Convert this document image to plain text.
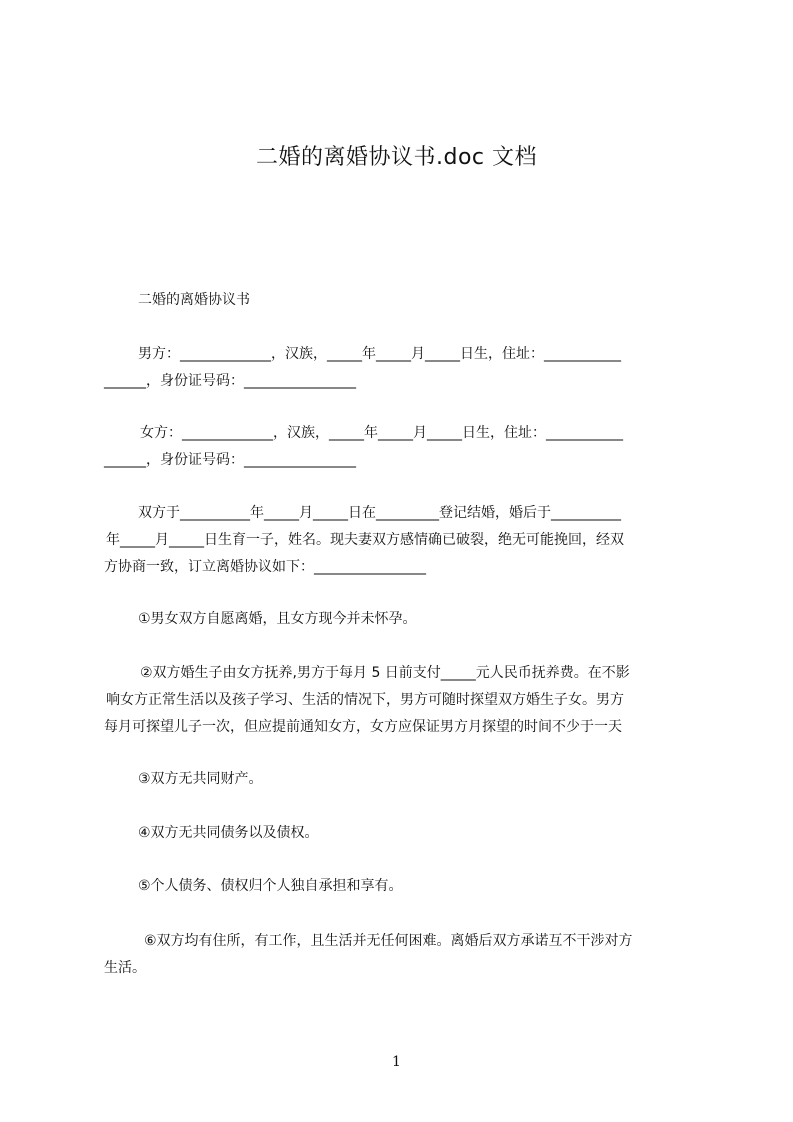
二婚的离婚协议书.doc 文档
二婚的离婚协议书
男方：_____________，汉族，_____年_____月_____日生，住址：___________
______，身份证号码：________________
女方：_____________，汉族，_____年_____月_____日生，住址：___________
______，身份证号码：________________
双方于__________年_____月_____日在_________登记结婚，婚后于__________
年_____月_____日生育一子，姓名。现夫妻双方感情确已破裂，绝无可能挽回，经双
方协商一致，订立离婚协议如下：________________
①男女双方自愿离婚，且女方现今并未怀孕。
②双方婚生子由女方抚养,男方于每月 5 日前支付_____元人民币抚养费。在不影
响女方正常生活以及孩子学习、生活的情况下，男方可随时探望双方婚生子女。男方
每月可探望儿子一次，但应提前通知女方，女方应保证男方月探望的时间不少于一天
③双方无共同财产。
④双方无共同债务以及债权。
⑤个人债务、债权归个人独自承担和享有。
⑥双方均有住所，有工作，且生活并无任何困难。离婚后双方承诺互不干涉对方
生活。
1
